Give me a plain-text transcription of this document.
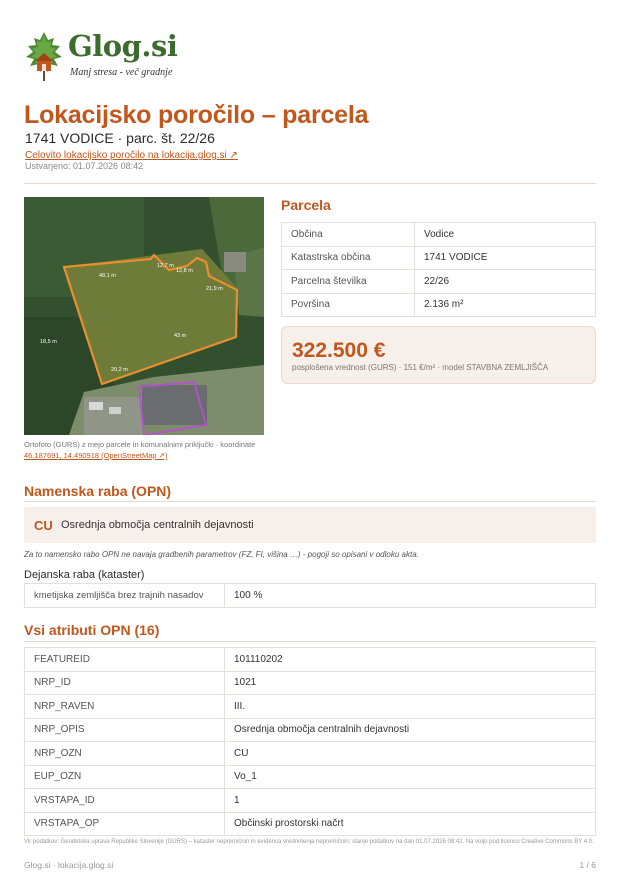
Glog.si
Manj stresa - več gradnje
Lokacijsko poročilo – parcela
1741 VODICE · parc. št. 22/26
Celovito lokacijsko poročilo na lokacija.glog.si ↗
Ustvarjeno: 01.07.2026 08:42
48,1 m
12,7 m
12,8 m
21,9 m
43 m
20,2 m
18,5 m
Ortofoto (GURS) z mejo parcele in komunalnimi priključki · koordinate 46.187691, 14.490918 (OpenStreetMap ↗)
Parcela
Občina	Vodice
Katastrska občina	1741 VODICE
Parcelna številka	22/26
Površina	2.136 m²
322.500 €
posplošena vrednost (GURS) · 151 €/m² · model STAVBNA ZEMLJIŠČA
Namenska raba (OPN)
CU Osrednja območja centralnih dejavnosti
Za to namensko rabo OPN ne navaja gradbenih parametrov (FZ, FI, višina …) - pogoji so opisani v odloku akta.
Dejanska raba (kataster)
kmetijska zemljišča brez trajnih nasadov	100 %
Vsi atributi OPN (16)
FEATUREID	101110202
NRP_ID	1021
NRP_RAVEN	III.
NRP_OPIS	Osrednja območja centralnih dejavnosti
NRP_OZN	CU
EUP_OZN	Vo_1
VRSTAPA_ID	1
VRSTAPA_OP	Občinski prostorski načrt
Vir podatkov: Geodetska uprava Republike Slovenije (GURS) – kataster nepremičnin in evidenca vrednotenja nepremičnin; stanje podatkov na dan 01.07.2026 08:42. Na voljo pod licenco Creative Commons BY 4.0.
Glog.si · lokacija.glog.si	1 / 6
